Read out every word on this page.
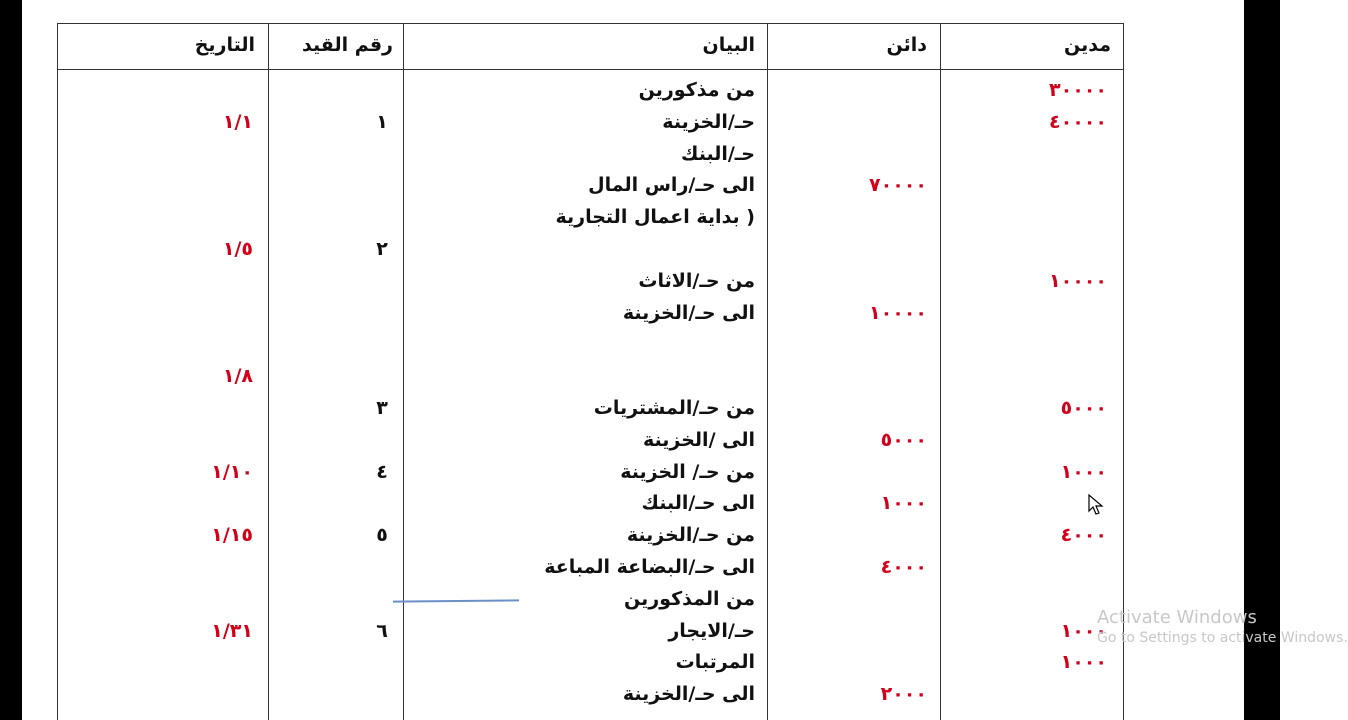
مدين
دائن
البيان
رقم القيد
التاريخ
٣٠٠٠٠
من مذكورين
٤٠٠٠٠
حـ/الخزينة
١
١/١
حـ/البنك
٧٠٠٠٠
الى حـ/راس المال
بداية اعمال التجارية )
٢
١/٥
١٠٠٠٠
من حـ/الاثاث
١٠٠٠٠
الى حـ/الخزينة
١/٨
٥٠٠٠
من حـ/المشتريات
٣
٥٠٠٠
الى /الخزينة
١٠٠٠
من حـ/ الخزينة
٤
١/١٠
١٠٠٠
الى حـ/البنك
٤٠٠٠
من حـ/الخزينة
٥
١/١٥
٤٠٠٠
الى حـ/البضاعة المباعة
من المذكورين
١٠٠٠
حـ/الايجار
٦
١/٣١
١٠٠٠
المرتبات
٢٠٠٠
الى حـ/الخزينة
Activate Windows
Go to Settings to activate Windows.
